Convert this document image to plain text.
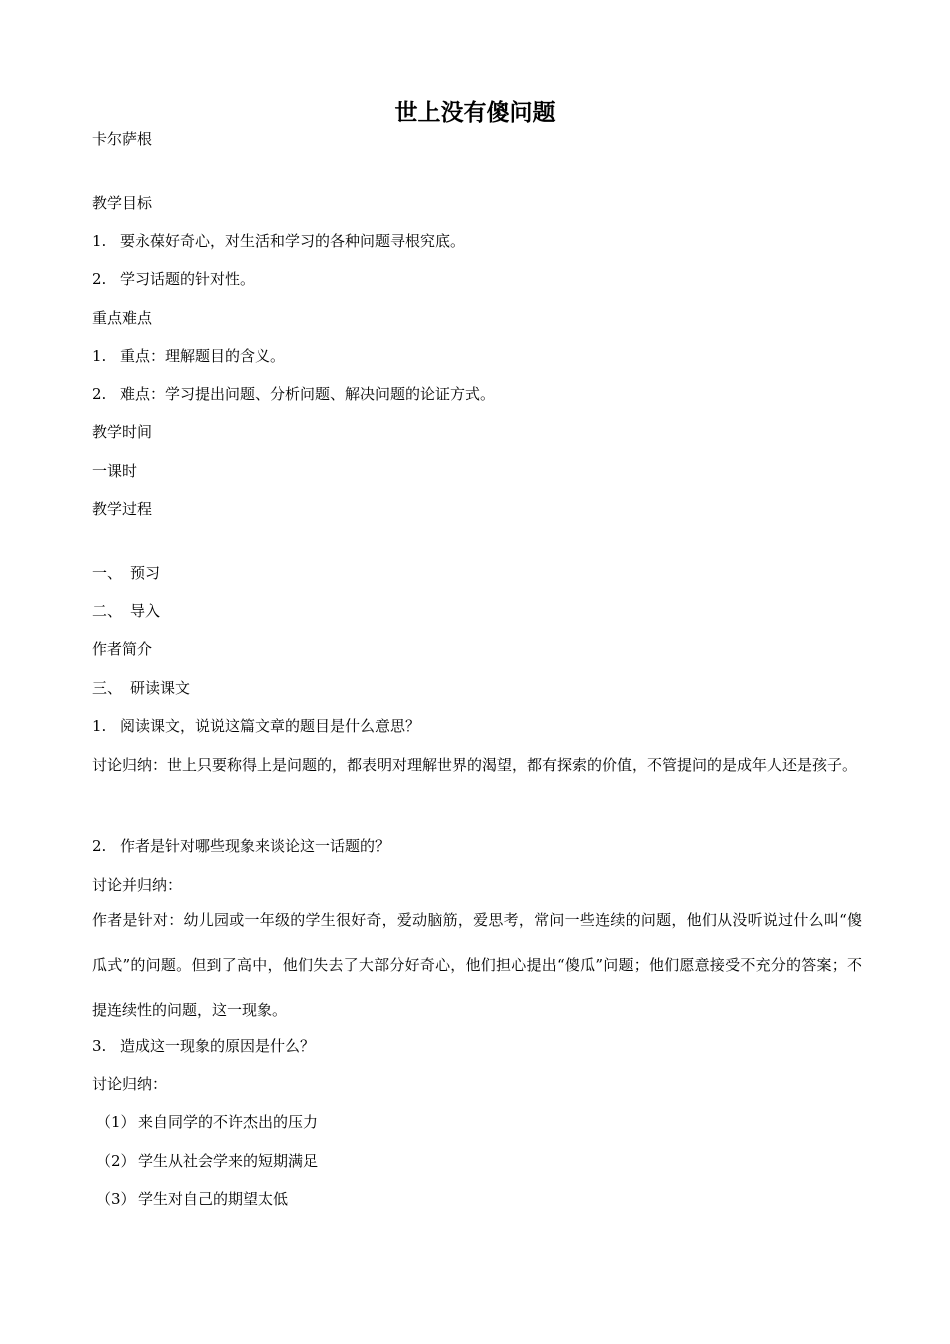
世上没有傻问题
卡尔萨根
教学目标
1. 要永葆好奇心，对生活和学习的各种问题寻根究底。
2. 学习话题的针对性。
重点难点
1. 重点：理解题目的含义。
2. 难点：学习提出问题、分析问题、解决问题的论证方式。
教学时间
一课时
教学过程
一、 预习
二、 导入
作者简介
三、 研读课文
1. 阅读课文，说说这篇文章的题目是什么意思？
讨论归纳：世上只要称得上是问题的，都表明对理解世界的渴望，都有探索的价值，不管提问的是成年人还是孩子。
2. 作者是针对哪些现象来谈论这一话题的？
讨论并归纳：
作者是针对：幼儿园或一年级的学生很好奇，爱动脑筋，爱思考，常问一些连续的问题，他们从没听说过什么叫“傻瓜式”的问题。但到了高中，他们失去了大部分好奇心，他们担心提出“傻瓜”问题；他们愿意接受不充分的答案；不提连续性的问题，这一现象。
3. 造成这一现象的原因是什么？
讨论归纳：
（1） 来自同学的不许杰出的压力
（2） 学生从社会学来的短期满足
（3） 学生对自己的期望太低
